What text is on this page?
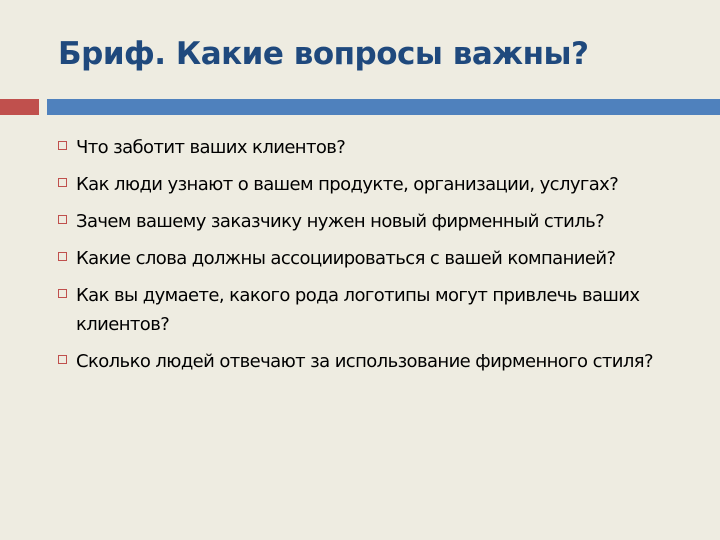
Бриф. Какие вопросы важны?
Что заботит ваших клиентов?
Как люди узнают о вашем продукте, организации, услугах?
Зачем вашему заказчику нужен новый фирменный стиль?
Какие слова должны ассоциироваться с вашей компанией?
Как вы думаете, какого рода логотипы могут привлечь ваших клиентов?
Сколько людей отвечают за использование фирменного стиля?
